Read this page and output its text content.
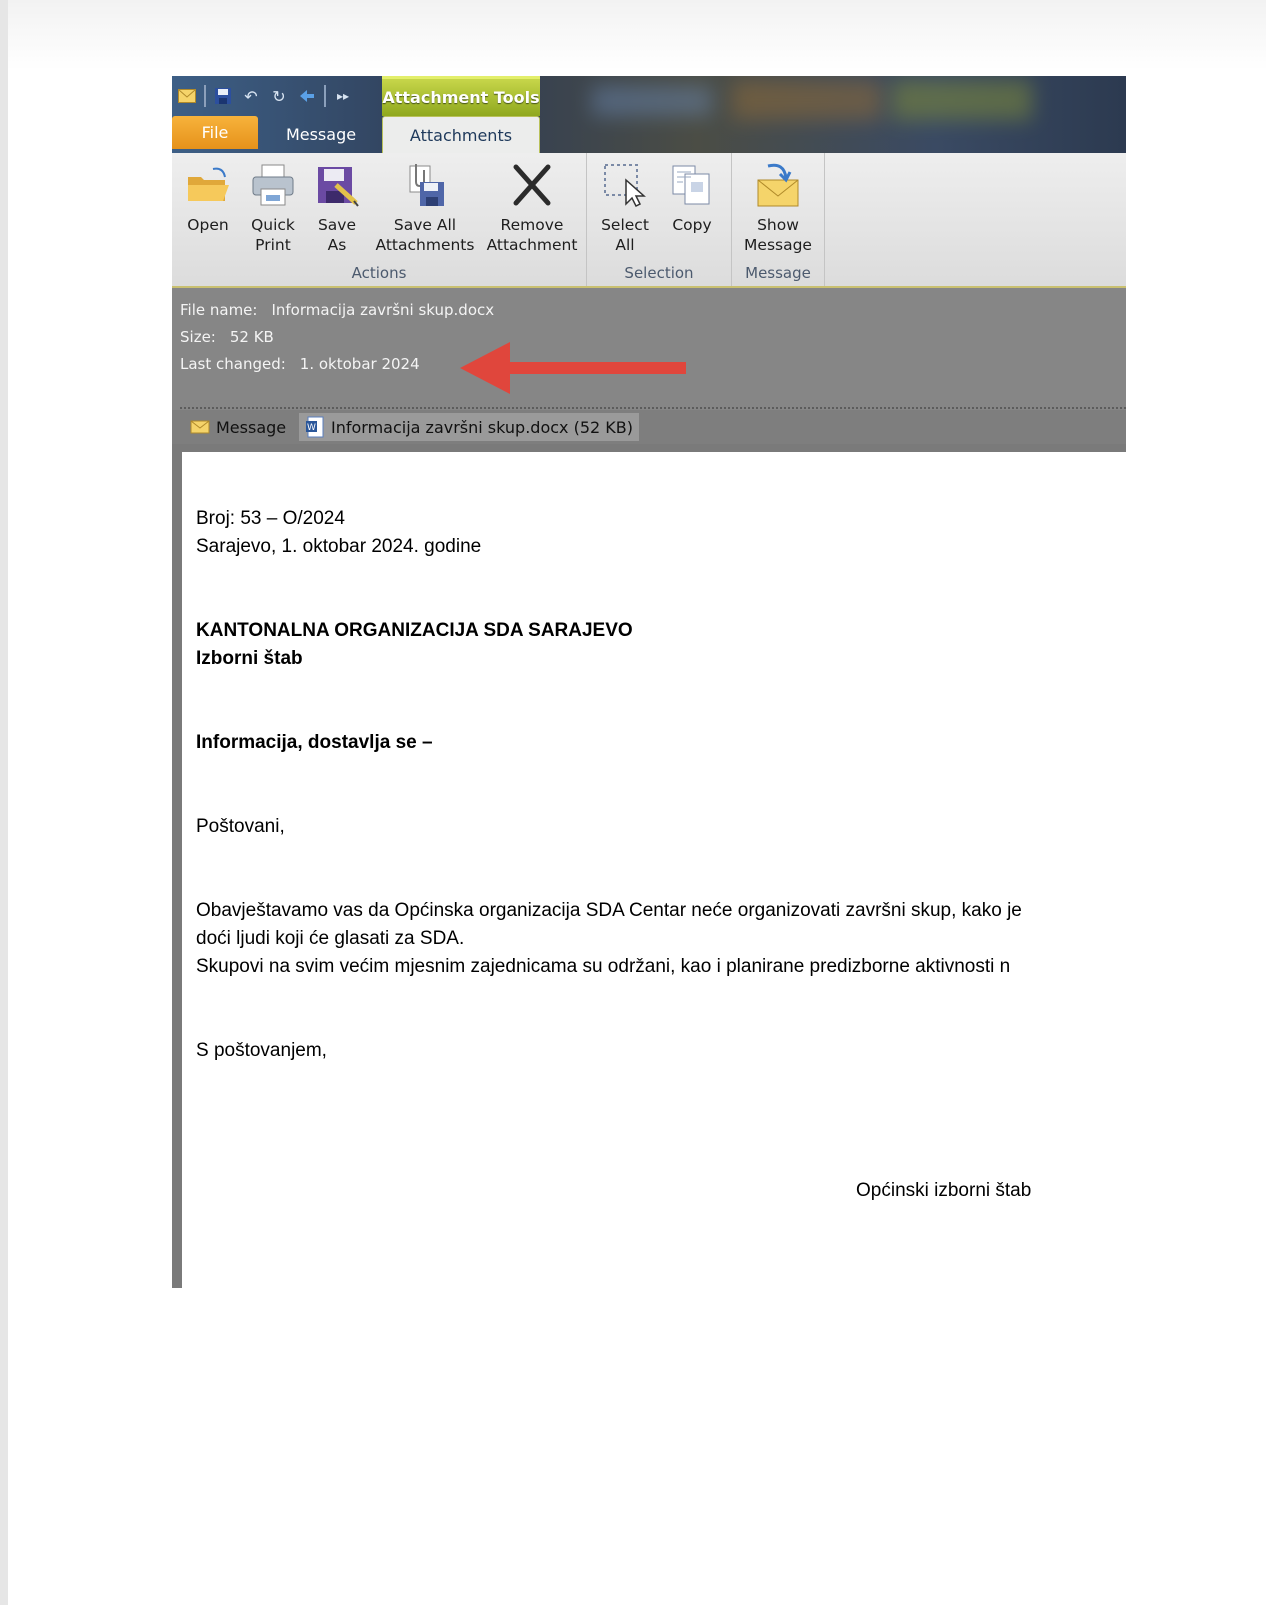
↶ ↻	▸▸	Attachment Tools
File	Message	Attachments
Open	Quick
Print
Save
As
Save All
Attachments
Remove
Attachment
Actions
Select
All
Copy
Selection
Show
Message
Message
File name: Informacija završni skup.docx
Size: 52 KB
Last changed: 1. oktobar 2024
Message W Informacija završni skup.docx (52 KB)
Broj: 53 – O/2024
Sarajevo, 1. oktobar 2024. godine
KANTONALNA ORGANIZACIJA SDA SARAJEVO
Izborni štab
Informacija, dostavlja se –
Poštovani,
Obavještavamo vas da Općinska organizacija SDA Centar neće organizovati završni skup, kako je
doći ljudi koji će glasati za SDA.
Skupovi na svim većim mjesnim zajednicama su održani, kao i planirane predizborne aktivnosti n
S poštovanjem,
Općinski izborni štab
